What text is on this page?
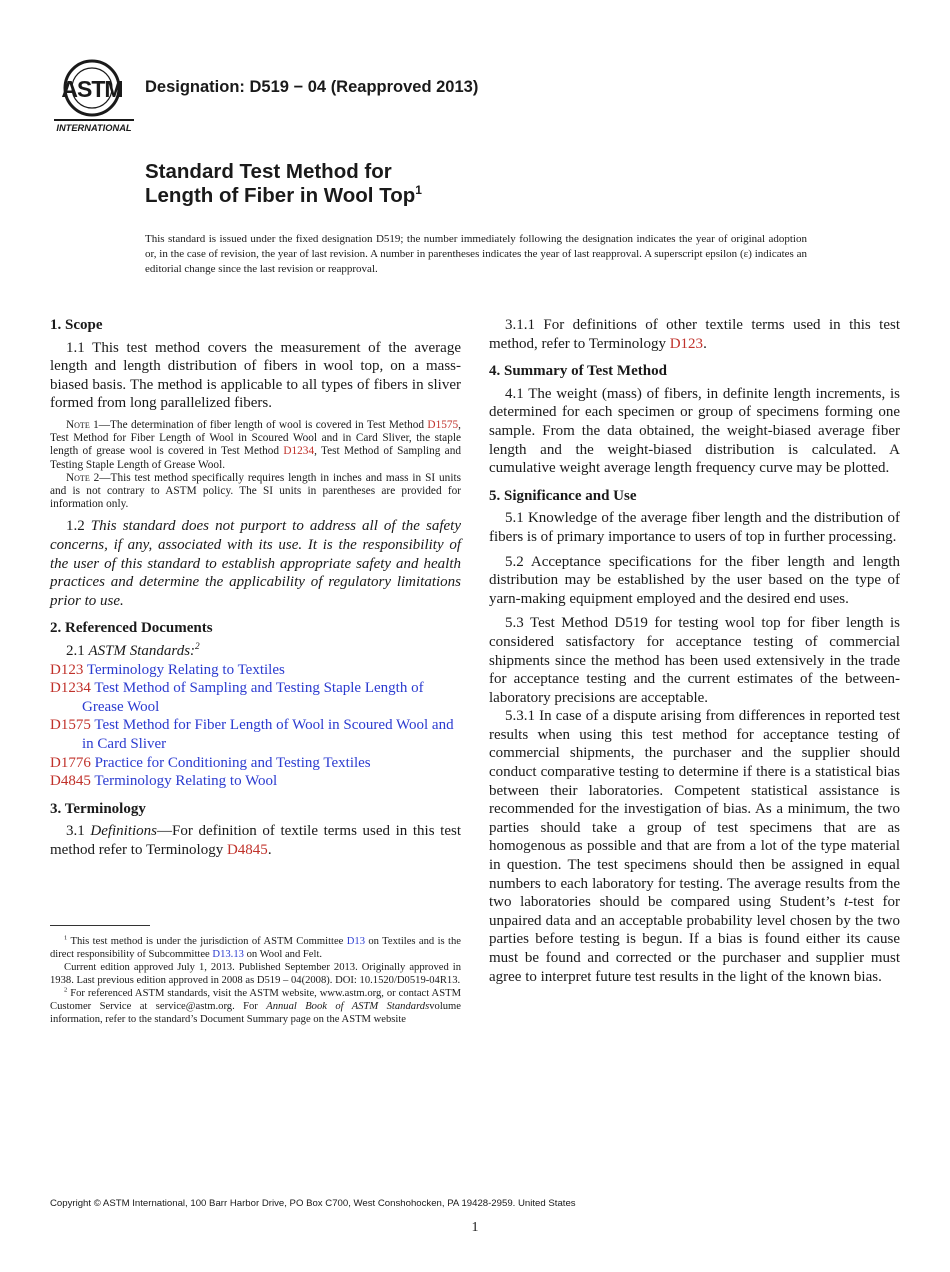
ASTM
INTERNATIONAL
Designation: D519 − 04 (Reapproved 2013)
Standard Test Method for
Length of Fiber in Wool Top$^1$
This standard is issued under the fixed designation D519; the number immediately following the designation indicates the year of original adoption or, in the case of revision, the year of last revision. A number in parentheses indicates the year of last reapproval. A superscript epsilon (ε) indicates an editorial change since the last revision or reapproval.

1. Scope

1.1 This test method covers the measurement of the average length and length distribution of fibers in wool top, on a mass-biased basis. The method is applicable to all types of fibers in sliver formed from long parallelized fibers.

Note 1—The determination of fiber length of wool is covered in Test Method D1575, Test Method for Fiber Length of Wool in Scoured Wool and in Card Sliver, the staple length of grease wool is covered in Test Method D1234, Test Method of Sampling and Testing Staple Length of Grease Wool.

Note 2—This test method specifically requires length in inches and mass in SI units and is not contrary to ASTM policy. The SI units in parentheses are provided for information only.

1.2 This standard does not purport to address all of the safety concerns, if any, associated with its use. It is the responsibility of the user of this standard to establish appropriate safety and health practices and determine the applicability of regulatory limitations prior to use.

2. Referenced Documents

2.1 ASTM Standards:$^2$

D123 Terminology Relating to Textiles

D1234 Test Method of Sampling and Testing Staple Length of Grease Wool

D1575 Test Method for Fiber Length of Wool in Scoured Wool and in Card Sliver

D1776 Practice for Conditioning and Testing Textiles

D4845 Terminology Relating to Wool

3. Terminology

3.1 Definitions—For definition of textile terms used in this test method refer to Terminology D4845.

$^1$ This test method is under the jurisdiction of ASTM Committee D13 on Textiles and is the direct responsibility of Subcommittee D13.13 on Wool and Felt.

Current edition approved July 1, 2013. Published September 2013. Originally approved in 1938. Last previous edition approved in 2008 as D519 – 04(2008). DOI: 10.1520/D0519-04R13.

$^2$ For referenced ASTM standards, visit the ASTM website, www.astm.org, or contact ASTM Customer Service at service@astm.org. For Annual Book of ASTM Standardsvolume information, refer to the standard’s Document Summary page on the ASTM website

3.1.1 For definitions of other textile terms used in this test method, refer to Terminology D123.

4. Summary of Test Method

4.1 The weight (mass) of fibers, in definite length increments, is determined for each specimen or group of specimens forming one sample. From the data obtained, the weight-biased average fiber length and the weight-biased distribution is calculated. A cumulative weight average length frequency curve may be plotted.

5. Significance and Use

5.1 Knowledge of the average fiber length and the distribution of fibers is of primary importance to users of top in further processing.

5.2 Acceptance specifications for the fiber length and length distribution may be established by the user based on the type of yarn-making equipment employed and the desired end uses.

5.3 Test Method D519 for testing wool top for fiber length is considered satisfactory for acceptance testing of commercial shipments since the method has been used extensively in the trade for acceptance testing and the current estimates of the between-laboratory precisions are acceptable.

5.3.1 In case of a dispute arising from differences in reported test results when using this test method for acceptance testing of commercial shipments, the purchaser and the supplier should conduct comparative testing to determine if there is a statistical bias between their laboratories. Competent statistical assistance is recommended for the investigation of bias. As a minimum, the two parties should take a group of test specimens that are as homogenous as possible and that are from a lot of the type material in question. The test specimens should then be assigned in equal numbers to each laboratory for testing. The average results from the two laboratories should be compared using Student’s t-test for unpaired data and an acceptable probability level chosen by the two parties before testing is begun. If a bias is found either its cause must be found and corrected or the purchaser and supplier must agree to interpret future test results in the light of the known bias.

Copyright © ASTM International, 100 Barr Harbor Drive, PO Box C700, West Conshohocken, PA 19428-2959. United States
1
